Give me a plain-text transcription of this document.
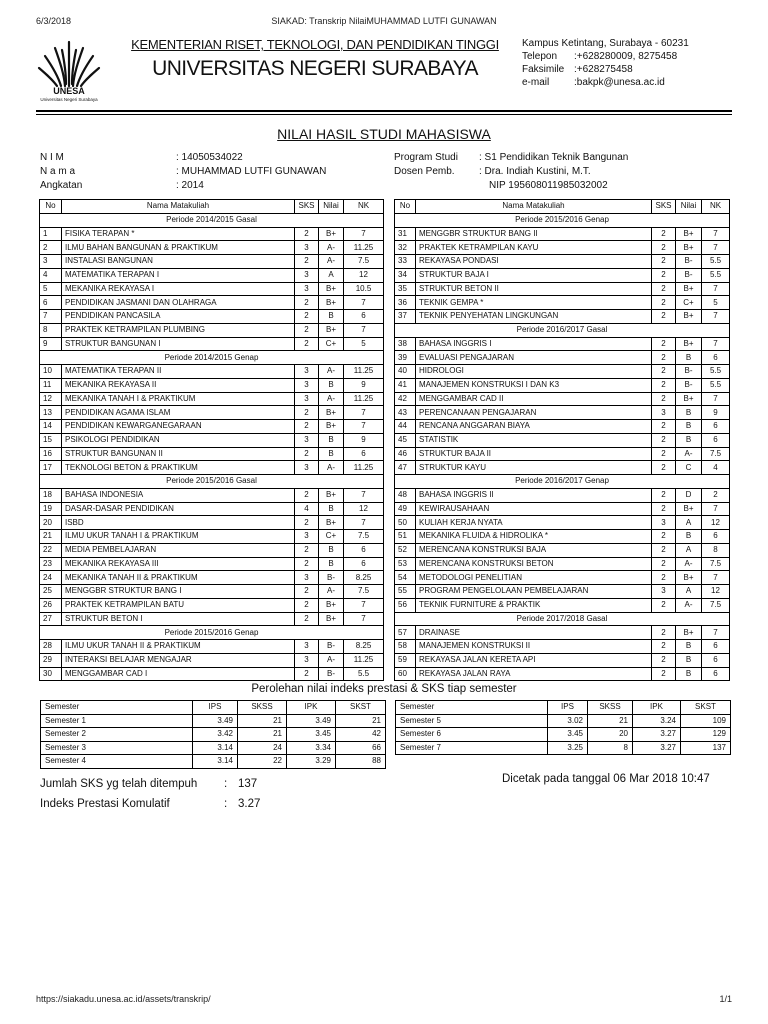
6/3/2018	SIAKAD: Transkrip NilaiMUHAMMAD LUTFI GUNAWAN
UNESA
Universitas Negeri Surabaya
KEMENTERIAN RISET, TEKNOLOGI, DAN PENDIDIKAN TINGGI
UNIVERSITAS NEGERI SURABAYA
Kampus Ketintang, Surabaya - 60231
Telepon	:+628280009, 8275458
Faksimile :+628275458
e-mail	:bakpk@unesa.ac.id
NILAI HASIL STUDI MAHASISWA
N I M	: 14050534022
N a m a	: MUHAMMAD LUTFI GUNAWAN
Angkatan	: 2014
Program Studi	: S1 Pendidikan Teknik Bangunan
Dosen Pemb.	: Dra. Indiah Kustini, M.T.
NIP 195608011985032002
No	Nama Matakuliah	SKS	Nilai	NK
Periode 2014/2015 Gasal				
1	FISIKA TERAPAN *	2	B+	7
2	ILMU BAHAN BANGUNAN & PRAKTIKUM	3	A-	11.25
3	INSTALASI BANGUNAN	2	A-	7.5
4	MATEMATIKA TERAPAN I	3	A	12
5	MEKANIKA REKAYASA I	3	B+	10.5
6	PENDIDIKAN JASMANI DAN OLAHRAGA	2	B+	7
7	PENDIDIKAN PANCASILA	2	B	6
8	PRAKTEK KETRAMPILAN PLUMBING	2	B+	7
9	STRUKTUR BANGUNAN I	2	C+	5
Periode 2014/2015 Genap				
10	MATEMATIKA TERAPAN II	3	A-	11.25
11	MEKANIKA REKAYASA II	3	B	9
12	MEKANIKA TANAH I & PRAKTIKUM	3	A-	11.25
13	PENDIDIKAN AGAMA ISLAM	2	B+	7
14	PENDIDIKAN KEWARGANEGARAAN	2	B+	7
15	PSIKOLOGI PENDIDIKAN	3	B	9
16	STRUKTUR BANGUNAN II	2	B	6
17	TEKNOLOGI BETON & PRAKTIKUM	3	A-	11.25
Periode 2015/2016 Gasal				
18	BAHASA INDONESIA	2	B+	7
19	DASAR-DASAR PENDIDIKAN	4	B	12
20	ISBD	2	B+	7
21	ILMU UKUR TANAH I & PRAKTIKUM	3	C+	7.5
22	MEDIA PEMBELAJARAN	2	B	6
23	MEKANIKA REKAYASA III	2	B	6
24	MEKANIKA TANAH II & PRAKTIKUM	3	B-	8.25
25	MENGGBR STRUKTUR BANG I	2	A-	7.5
26	PRAKTEK KETRAMPILAN BATU	2	B+	7
27	STRUKTUR BETON I	2	B+	7
Periode 2015/2016 Genap				
28	ILMU UKUR TANAH II & PRAKTIKUM	3	B-	8.25
29	INTERAKSI BELAJAR MENGAJAR	3	A-	11.25
30	MENGGAMBAR CAD I	2	B-	5.5
No	Nama Matakuliah	SKS	Nilai	NK
Periode 2015/2016 Genap				
31	MENGGBR STRUKTUR BANG II	2	B+	7
32	PRAKTEK KETRAMPILAN KAYU	2	B+	7
33	REKAYASA PONDASI	2	B-	5.5
34	STRUKTUR BAJA I	2	B-	5.5
35	STRUKTUR BETON II	2	B+	7
36	TEKNIK GEMPA *	2	C+	5
37	TEKNIK PENYEHATAN LINGKUNGAN	2	B+	7
Periode 2016/2017 Gasal				
38	BAHASA INGGRIS I	2	B+	7
39	EVALUASI PENGAJARAN	2	B	6
40	HIDROLOGI	2	B-	5.5
41	MANAJEMEN KONSTRUKSI I DAN K3	2	B-	5.5
42	MENGGAMBAR CAD II	2	B+	7
43	PERENCANAAN PENGAJARAN	3	B	9
44	RENCANA ANGGARAN BIAYA	2	B	6
45	STATISTIK	2	B	6
46	STRUKTUR BAJA II	2	A-	7.5
47	STRUKTUR KAYU	2	C	4
Periode 2016/2017 Genap				
48	BAHASA INGGRIS II	2	D	2
49	KEWIRAUSAHAAN	2	B+	7
50	KULIAH KERJA NYATA	3	A	12
51	MEKANIKA FLUIDA & HIDROLIKA *	2	B	6
52	MERENCANA KONSTRUKSI BAJA	2	A	8
53	MERENCANA KONSTRUKSI BETON	2	A-	7.5
54	METODOLOGI PENELITIAN	2	B+	7
55	PROGRAM PENGELOLAAN PEMBELAJARAN	3	A	12
56	TEKNIK FURNITURE & PRAKTIK	2	A-	7.5
Periode 2017/2018 Gasal				
57	DRAINASE	2	B+	7
58	MANAJEMEN KONSTRUKSI II	2	B	6
59	REKAYASA JALAN KERETA API	2	B	6
60	REKAYASA JALAN RAYA	2	B	6
Perolehan nilai indeks prestasi & SKS tiap semester
Semester	IPS	SKSS	IPK	SKST
Semester 1	3.49	21	3.49	21
Semester 2	3.42	21	3.45	42
Semester 3	3.14	24	3.34	66
Semester 4	3.14	22	3.29	88
Semester	IPS	SKSS	IPK	SKST
Semester 5	3.02	21	3.24	109
Semester 6	3.45	20	3.27	129
Semester 7	3.25	8	3.27	137
Jumlah SKS yg telah ditempuh	: 137
Indeks Prestasi Komulatif	: 3.27
Dicetak pada tanggal 06 Mar 2018 10:47
https://siakadu.unesa.ac.id/assets/transkrip/	1/1
